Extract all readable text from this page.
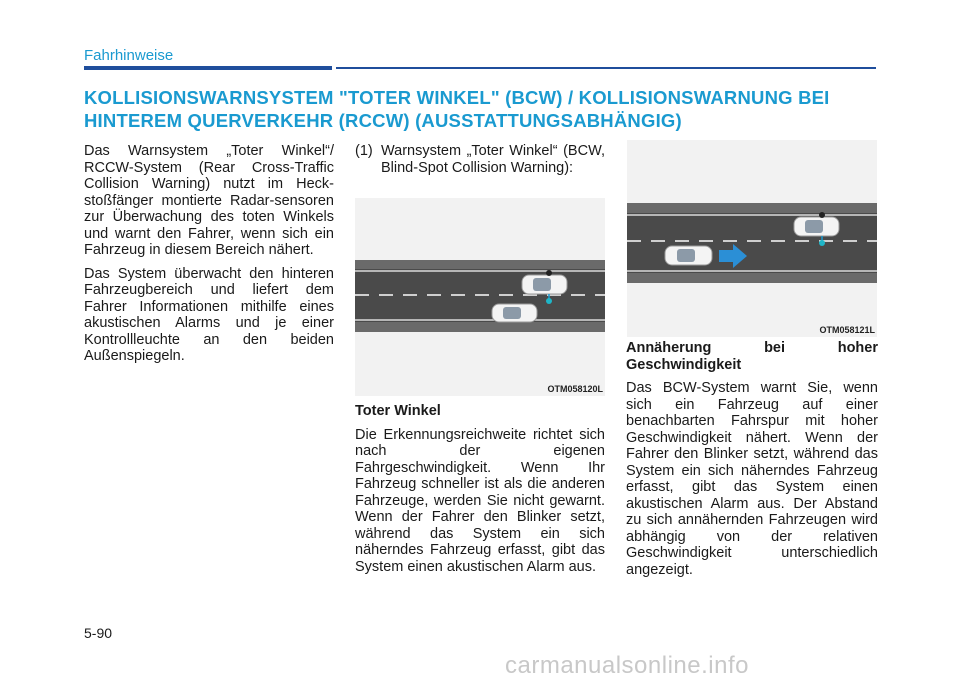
Fahrhinweise
KOLLISIONSWARNSYSTEM "TOTER WINKEL" (BCW) / KOLLISIONSWARNUNG BEI HINTEREM QUERVERKEHR (RCCW) (AUSSTATTUNGSABHÄNGIG)

Das Warnsystem „Toter Winkel“/ RCCW-System (Rear Cross-Traffic Collision Warning) nutzt im Heck-stoßfänger montierte Radar-sensoren zur Überwachung des toten Winkels und warnt den Fahrer, wenn sich ein Fahrzeug in diesem Bereich nähert.

Das System überwacht den hinteren Fahrzeugbereich und liefert dem Fahrer Informationen mithilfe eines akustischen Alarms und je einer Kontrollleuchte an den beiden Außenspiegeln.

(1) Warnsystem „Toter Winkel“ (BCW, Blind-Spot Collision Warning):
OTM058120L

Toter Winkel

Die Erkennungsreichweite richtet sich nach der eigenen Fahrgeschwindigkeit. Wenn Ihr Fahrzeug schneller ist als die anderen Fahrzeuge, werden Sie nicht gewarnt. Wenn der Fahrer den Blinker setzt, während das System ein sich näherndes Fahrzeug erfasst, gibt das System einen akustischen Alarm aus.

OTM058121L

Annäherung bei hoher Geschwindigkeit

Das BCW-System warnt Sie, wenn sich ein Fahrzeug auf einer benachbarten Fahrspur mit hoher Geschwindigkeit nähert. Wenn der Fahrer den Blinker setzt, während das System ein sich näherndes Fahrzeug erfasst, gibt das System einen akustischen Alarm aus. Der Abstand zu sich annähernden Fahrzeugen wird abhängig von der relativen Geschwindigkeit unterschiedlich angezeigt.

5-90
carmanualsonline.info
